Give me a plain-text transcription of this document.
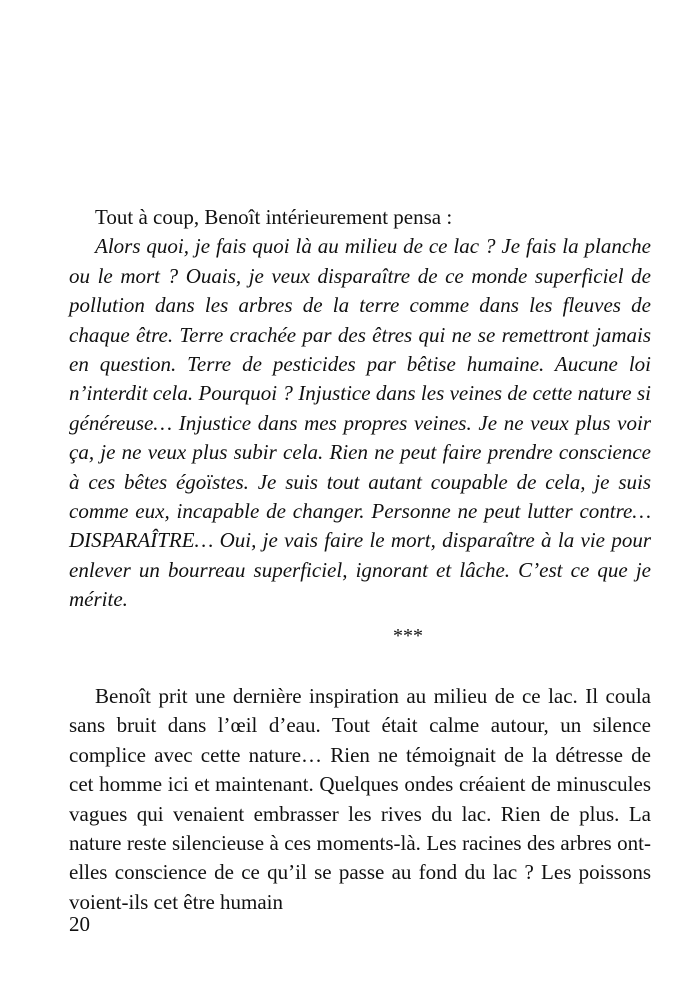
Tout à coup, Benoît intérieurement pensa :
Alors quoi, je fais quoi là au milieu de ce lac ? Je fais la planche ou le mort ? Ouais, je veux disparaître de ce monde superficiel de pollution dans les arbres de la terre comme dans les fleuves de chaque être. Terre crachée par des êtres qui ne se remettront jamais en question. Terre de pesticides par bêtise humaine. Aucune loi n’interdit cela. Pourquoi ? Injustice dans les veines de cette nature si généreuse… Injustice dans mes propres veines. Je ne veux plus voir ça, je ne veux plus subir cela. Rien ne peut faire prendre conscience à ces bêtes égoïstes. Je suis tout autant coupable de cela, je suis comme eux, incapable de changer. Personne ne peut lutter contre… DISPARAÎTRE… Oui, je vais faire le mort, disparaître à la vie pour enlever un bourreau superficiel, ignorant et lâche. C’est ce que je mérite.
***
Benoît prit une dernière inspiration au milieu de ce lac. Il coula sans bruit dans l’œil d’eau. Tout était calme autour, un silence complice avec cette nature… Rien ne témoignait de la détresse de cet homme ici et maintenant. Quelques ondes créaient de minuscules vagues qui venaient embrasser les rives du lac. Rien de plus. La nature reste silencieuse à ces moments-là. Les racines des arbres ont-elles conscience de ce qu’il se passe au fond du lac ? Les poissons voient-ils cet être humain
20
